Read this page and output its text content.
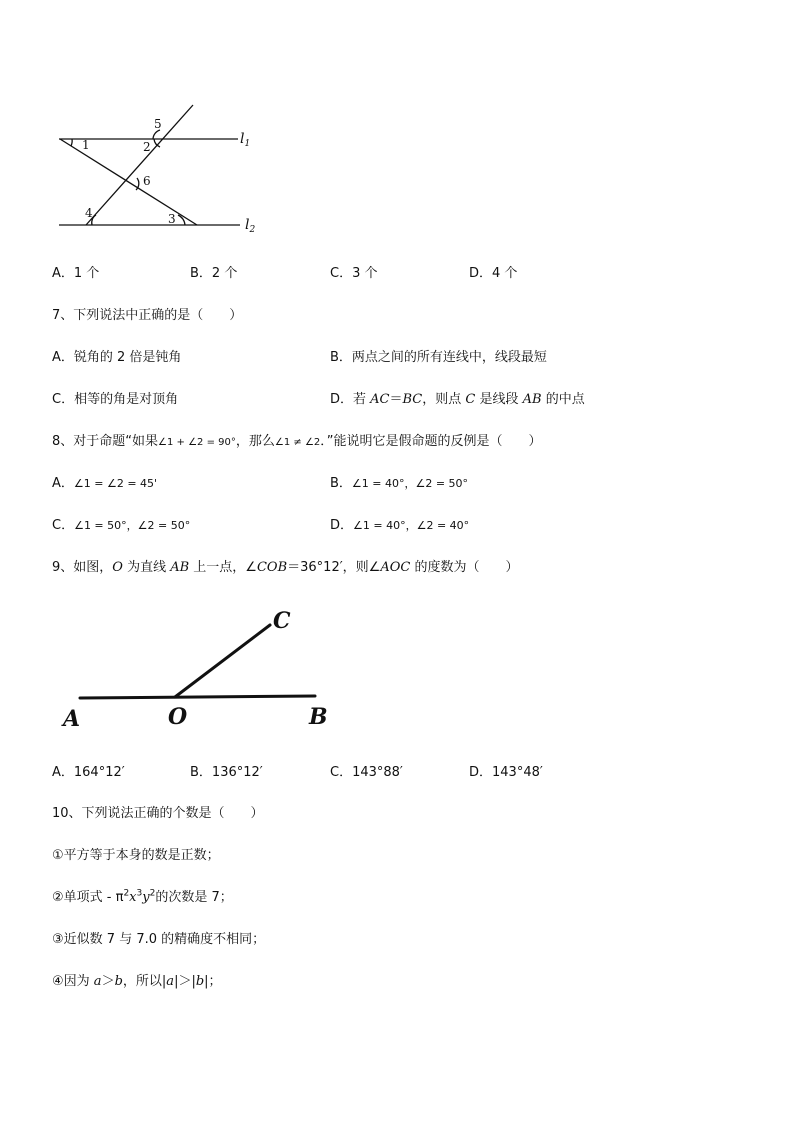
1	2
3
4
5
6
$l_1$
$l_2$
A．1 个	B．2 个	C．3 个	D．4 个
7、下列说法中正确的是（　　）
A．锐角的 2 倍是钝角	B．两点之间的所有连线中，线段最短
C．相等的角是对顶角	D．若 AC＝BC，则点 C 是线段 AB 的中点
8、对于命题“如果∠1 + ∠2 = 90°，那么∠1 ≠ ∠2．”能说明它是假命题的反例是（　　）
A．∠1 = ∠2 = 45'	B．∠1 = 40°，∠2 = 50°
C．∠1 = 50°，∠2 = 50°	D．∠1 = 40°，∠2 = 40°
9、如图，O 为直线 AB 上一点，∠COB＝36°12′，则∠AOC 的度数为（　　）
A	O	B
C
A．164°12′	B．136°12′	C．143°88′	D．143°48′
10、下列说法正确的个数是（　　）
①平方等于本身的数是正数；
②单项式 - $\pi^2x^3y^2$的次数是 7；
③近似数 7 与 7.0 的精确度不相同；
④因为 a＞b，所以|a|＞|b|；
